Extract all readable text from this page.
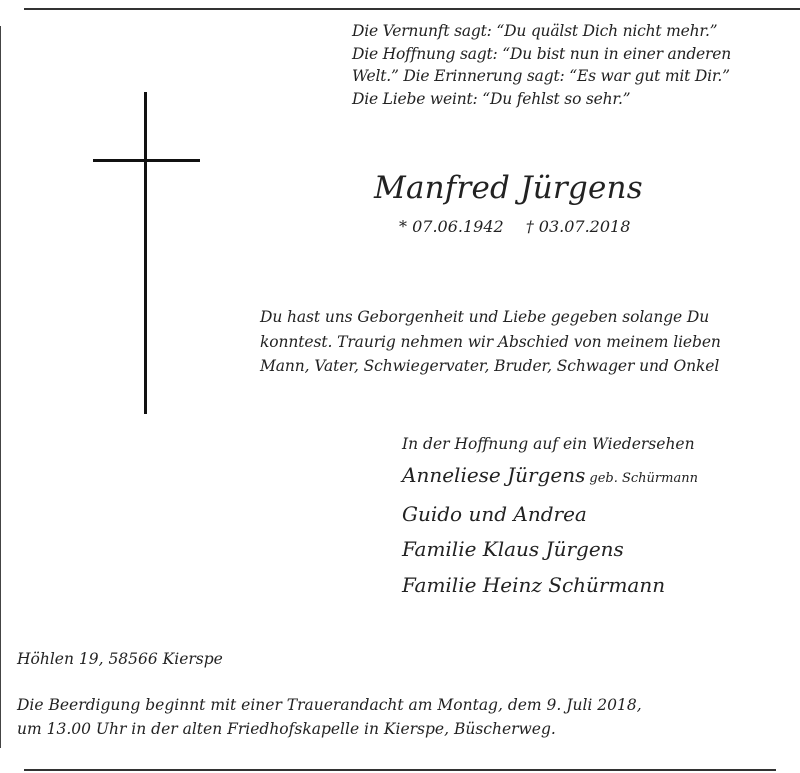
Die Vernunft sagt: “Du quälst Dich nicht mehr.”
Die Hoffnung sagt: “Du bist nun in einer anderen
Welt.” Die Erinnerung sagt: “Es war gut mit Dir.”
Die Liebe weint: “Du fehlst so sehr.”
Manfred Jürgens
* 07.06.1942 † 03.07.2018
Du hast uns Geborgenheit und Liebe gegeben solange Du
konntest. Traurig nehmen wir Abschied von meinem lieben
Mann, Vater, Schwiegervater, Bruder, Schwager und Onkel
In der Hoffnung auf ein Wiedersehen
Anneliese Jürgens geb. Schürmann
Guido und Andrea
Familie Klaus Jürgens
Familie Heinz Schürmann
Höhlen 19, 58566 Kierspe
Die Beerdigung beginnt mit einer Trauerandacht am Montag, dem 9. Juli 2018,
um 13.00 Uhr in der alten Friedhofskapelle in Kierspe, Büscherweg.
